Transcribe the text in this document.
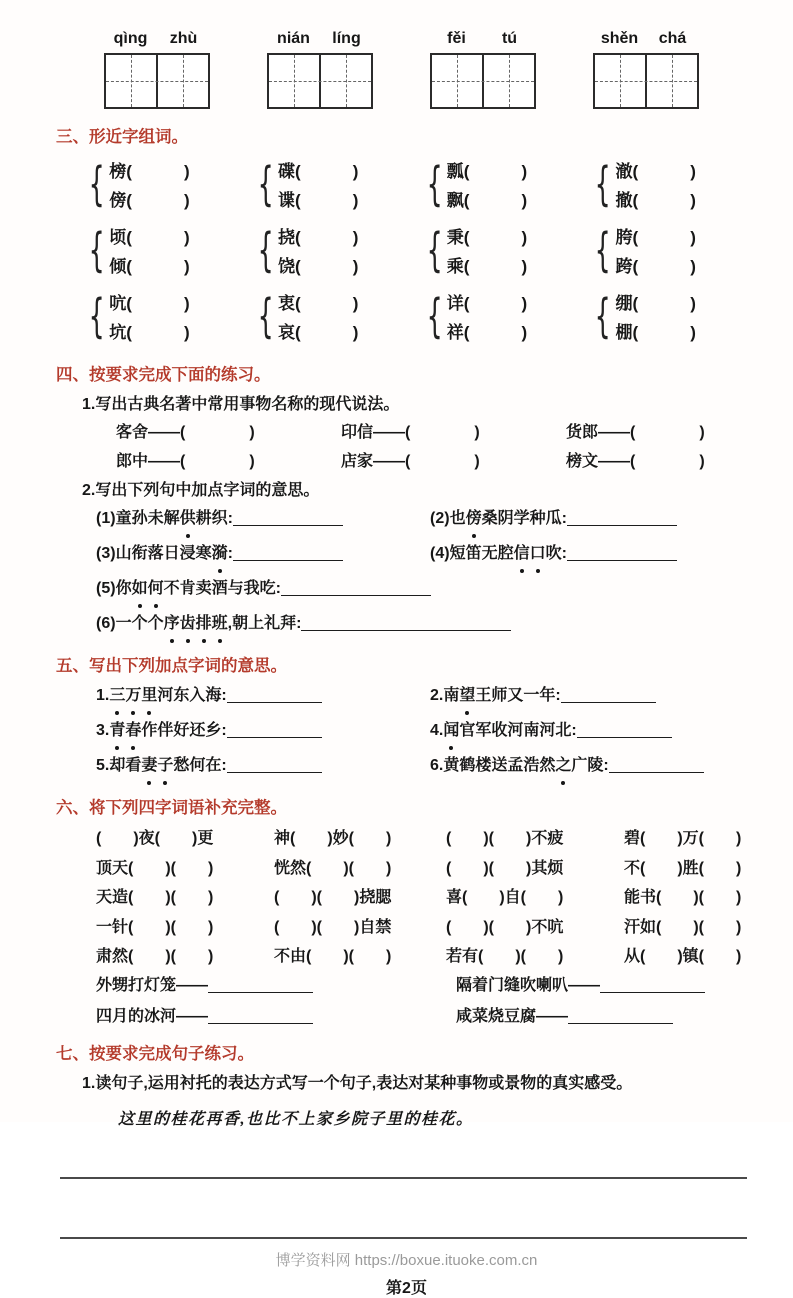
qìng	zhù	nián	líng	fěi	tú	shěn	chá
三、形近字组词。
{ 榜(	)
傍(	) { 碟(	)
谍(	) { 瓢(	)
飘(	) { 澈(	)
撤(	)
{ 顷(	)
倾(	) { 挠(	)
饶(	) { 秉(	)
乘(	) { 胯(	)
跨(	)
{ 吭(	)
坑(	) { 衷(	)
哀(	) { 详(	)
祥(	) { 绷(	)
棚(	)
四、按要求完成下面的练习。
1.写出古典名著中常用事物名称的现代说法。
客舍——(	)	印信——(	)	货郎——(	)
郎中——(	)	店家——(	)	榜文——(	)
2.写出下列句中加点字词的意思。
(1)童孙未解供耕织:	(2)也傍桑阴学种瓜:
(3)山衔落日浸寒漪:	(4)短笛无腔信口吹:
(5)你如何不肯卖酒与我吃:
(6)一个个序齿排班,朝上礼拜:
五、写出下列加点字词的意思。
1.三万里河东入海:	2.南望王师又一年:
3.青春作伴好还乡:	4.闻官军收河南河北:
5.却看妻子愁何在:	6.黄鹤楼送孟浩然之广陵:
六、将下列四字词语补充完整。
(　　)夜(　　)更	神(　　)妙(　　)	(　　)(　　)不疲	碧(　　)万(　　)
顶天(　　)(　　)	恍然(　　)(　　)	(　　)(　　)其烦	不(　　)胜(　　)
天造(　　)(　　)	(　　)(　　)挠腮	喜(　　)自(　　)	能书(　　)(　　)
一针(　　)(　　)	(　　)(　　)自禁	(　　)(　　)不吭	汗如(　　)(　　)
肃然(　　)(　　)	不由(　　)(　　)	若有(　　)(　　)	从(　　)镇(　　)
外甥打灯笼——	隔着门缝吹喇叭——
四月的冰河——	咸菜烧豆腐——
七、按要求完成句子练习。
1.读句子,运用衬托的表达方式写一个句子,表达对某种事物或景物的真实感受。
这里的桂花再香,也比不上家乡院子里的桂花。
博学资料网 https://boxue.ituoke.com.cn
第2页
